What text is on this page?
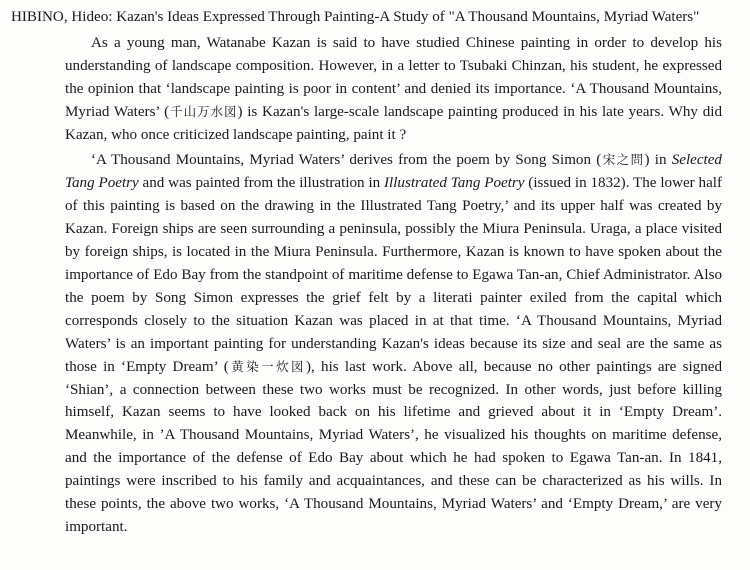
HIBINO, Hideo: Kazan's Ideas Expressed Through Painting-A Study of "A Thousand Mountains, Myriad Waters"

As a young man, Watanabe Kazan is said to have studied Chinese painting in order to develop his understanding of landscape composition. However, in a letter to Tsubaki Chinzan, his student, he expressed the opinion that ‘landscape painting is poor in content’ and denied its importance. ‘A Thousand Mountains, Myriad Waters’ (千山万水図) is Kazan's large-scale landscape painting produced in his late years. Why did Kazan, who once criticized landscape painting, paint it ?

‘A Thousand Mountains, Myriad Waters’ derives from the poem by Song Simon (宋之問) in Selected Tang Poetry and was painted from the illustration in Illustrated Tang Poetry (issued in 1832). The lower half of this painting is based on the drawing in the Illustrated Tang Poetry,’ and its upper half was created by Kazan. Foreign ships are seen surrounding a peninsula, possibly the Miura Peninsula. Uraga, a place visited by foreign ships, is located in the Miura Peninsula. Furthermore, Kazan is known to have spoken about the importance of Edo Bay from the standpoint of maritime defense to Egawa Tan-an, Chief Administrator. Also the poem by Song Simon expresses the grief felt by a literati painter exiled from the capital which corresponds closely to the situation Kazan was placed in at that time. ‘A Thousand Mountains, Myriad Waters’ is an important painting for understanding Kazan's ideas because its size and seal are the same as those in ‘Empty Dream’ (黄染一炊図), his last work. Above all, because no other paintings are signed ‘Shian’, a connection between these two works must be recognized. In other words, just before killing himself, Kazan seems to have looked back on his lifetime and grieved about it in ‘Empty Dream’. Meanwhile, in ’A Thousand Mountains, Myriad Waters’, he visualized his thoughts on maritime defense, and the importance of the defense of Edo Bay about which he had spoken to Egawa Tan-an. In 1841, paintings were inscribed to his family and acquaintances, and these can be characterized as his wills. In these points, the above two works, ‘A Thousand Mountains, Myriad Waters’ and ‘Empty Dream,’ are very important.
